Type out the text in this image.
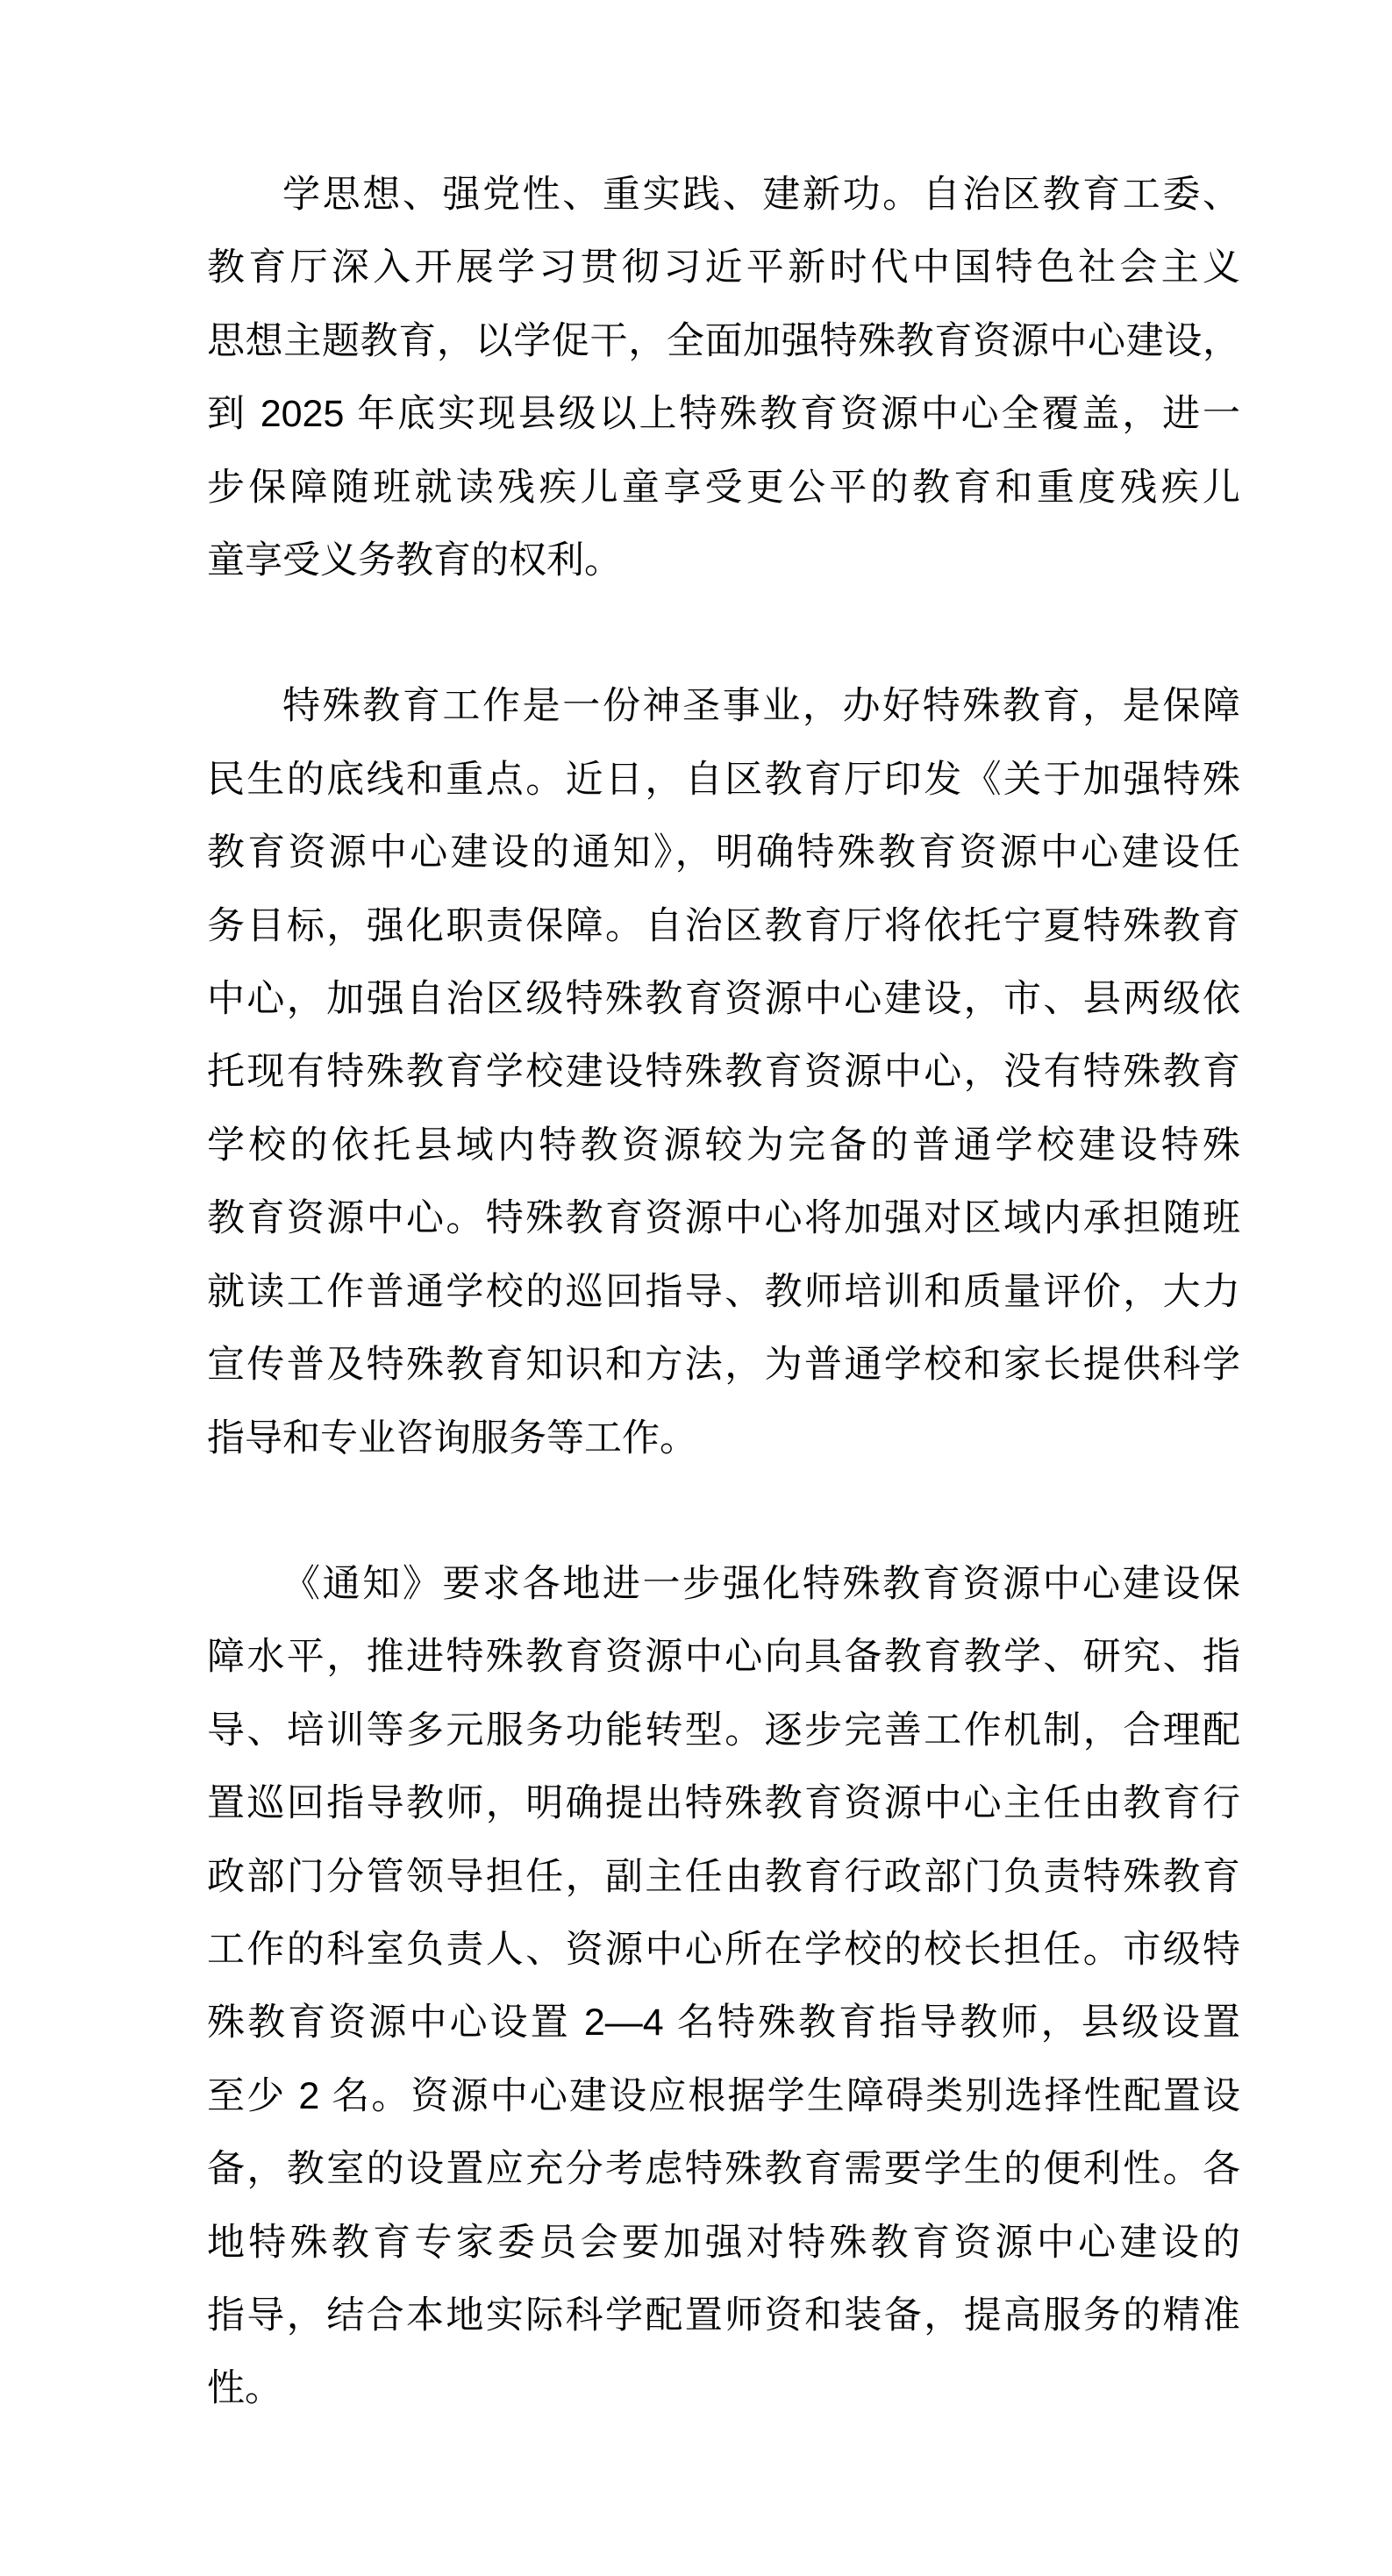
学思想、强党性、重实践、建新功。自治区教育工委、
教育厅深入开展学习贯彻习近平新时代中国特色社会主义
思想主题教育，以学促干，全面加强特殊教育资源中心建设，
到 2025 年底实现县级以上特殊教育资源中心全覆盖，进一
步保障随班就读残疾儿童享受更公平的教育和重度残疾儿
童享受义务教育的权利。

特殊教育工作是一份神圣事业，办好特殊教育，是保障
民生的底线和重点。近日，自区教育厅印发《关于加强特殊
教育资源中心建设的通知》，明确特殊教育资源中心建设任
务目标，强化职责保障。自治区教育厅将依托宁夏特殊教育
中心，加强自治区级特殊教育资源中心建设，市、县两级依
托现有特殊教育学校建设特殊教育资源中心，没有特殊教育
学校的依托县域内特教资源较为完备的普通学校建设特殊
教育资源中心。特殊教育资源中心将加强对区域内承担随班
就读工作普通学校的巡回指导、教师培训和质量评价，大力
宣传普及特殊教育知识和方法，为普通学校和家长提供科学
指导和专业咨询服务等工作。

《通知》要求各地进一步强化特殊教育资源中心建设保
障水平，推进特殊教育资源中心向具备教育教学、研究、指
导、培训等多元服务功能转型。逐步完善工作机制，合理配
置巡回指导教师，明确提出特殊教育资源中心主任由教育行
政部门分管领导担任，副主任由教育行政部门负责特殊教育
工作的科室负责人、资源中心所在学校的校长担任。市级特
殊教育资源中心设置 2—4 名特殊教育指导教师，县级设置
至少 2 名。资源中心建设应根据学生障碍类别选择性配置设
备，教室的设置应充分考虑特殊教育需要学生的便利性。各
地特殊教育专家委员会要加强对特殊教育资源中心建设的
指导，结合本地实际科学配置师资和装备，提高服务的精准
性。
